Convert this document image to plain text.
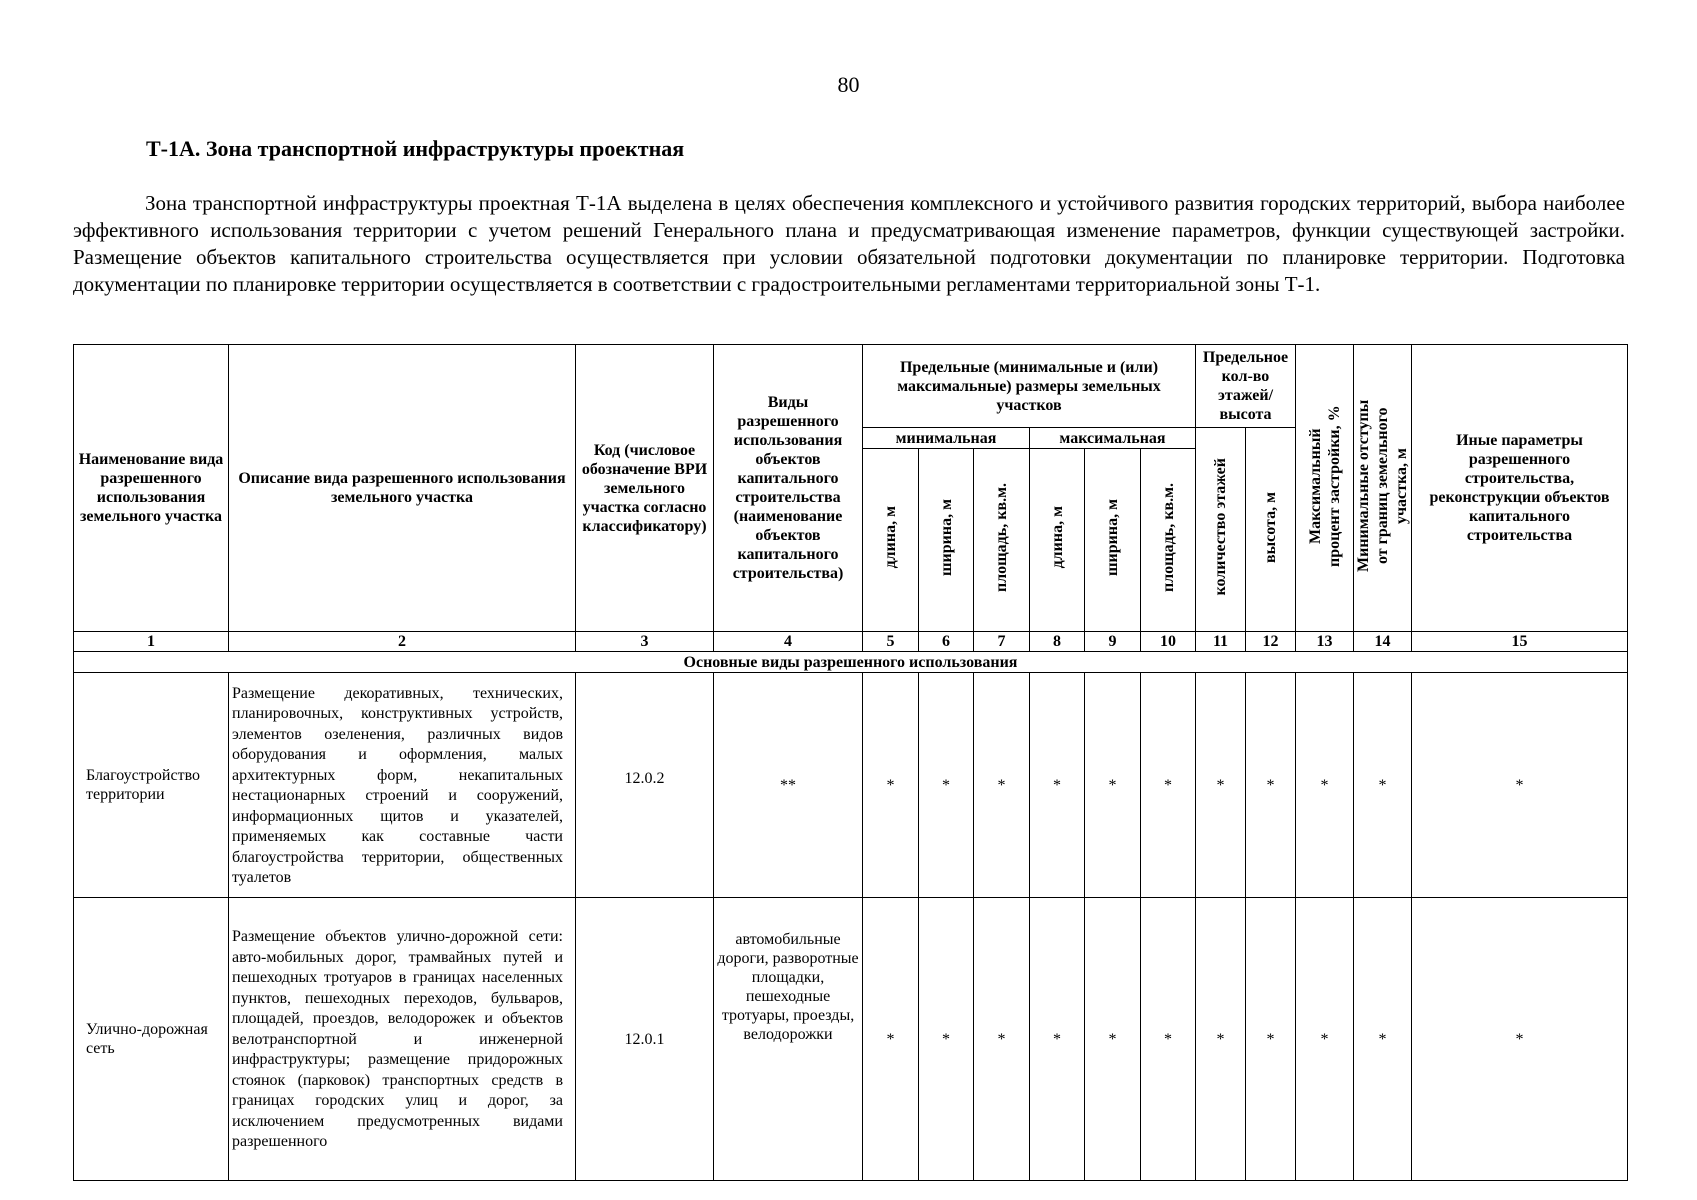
80
Т-1А. Зона транспортной инфраструктуры проектная

Зона транспортной инфраструктуры проектная Т-1А выделена в целях обеспечения комплексного и устойчивого развития городских территорий, выбора наиболее эффективного использования территории с учетом решений Генерального плана и предусматривающая изменение параметров, функции существующей застройки. Размещение объектов капитального строительства осуществляется при условии обязательной подготовки документации по планировке территории. Подготовка документации по планировке территории осуществляется в соответствии с градостроительными регламентами территориальной зоны Т-1.

Наименование вида разрешенного использования земельного участка	Описание вида разрешенного использования земельного участка	Код (числовое обозначение ВРИ земельного участка согласно классификатору)	Виды разрешенного использования объектов капитального строительства (наименование объектов капитального строительства)	Предельные (минимальные и (или) максимальные) размеры земельных участков						Предельное кол-во этажей/ высота		Максимальный процент застройки, %	Минимальные отступы от границ земельного участка, м	Иные параметры разрешенного строительства, реконструкции объектов капитального строительства
				минимальная			максимальная			количество этажей	высота, м			
				длина, м	ширина, м	площадь, кв.м.	длина, м	ширина, м	площадь, кв.м.					
1	2	3	4	5	6	7	8	9	10	11	12	13	14	15
Основные виды разрешенного использования														
Благоустройство территории	Размещение декоративных, технических, планировочных, конструктивных устройств, элементов озеленения, различных видов оборудования и оформления, малых архитектурных форм, некапитальных нестационарных строений и сооружений, информационных щитов и указателей, применяемых как составные части благоустройства территории, общественных туалетов	12.0.2	**	*	*	*	*	*	*	*	*	*	*	*
Улично-дорожная сеть	Размещение объектов улично-дорожной сети: авто-мобильных дорог, трамвайных путей и пешеходных тротуаров в границах населенных пунктов, пешеходных переходов, бульваров, площадей, проездов, велодорожек и объектов велотранспортной и инженерной инфраструктуры; размещение придорожных стоянок (парковок) транспортных средств в границах городских улиц и дорог, за исключением предусмотренных видами разрешенного	12.0.1	автомобильные дороги, разворотные площадки, пешеходные тротуары, проезды, велодорожки	*	*	*	*	*	*	*	*	*	*	*
